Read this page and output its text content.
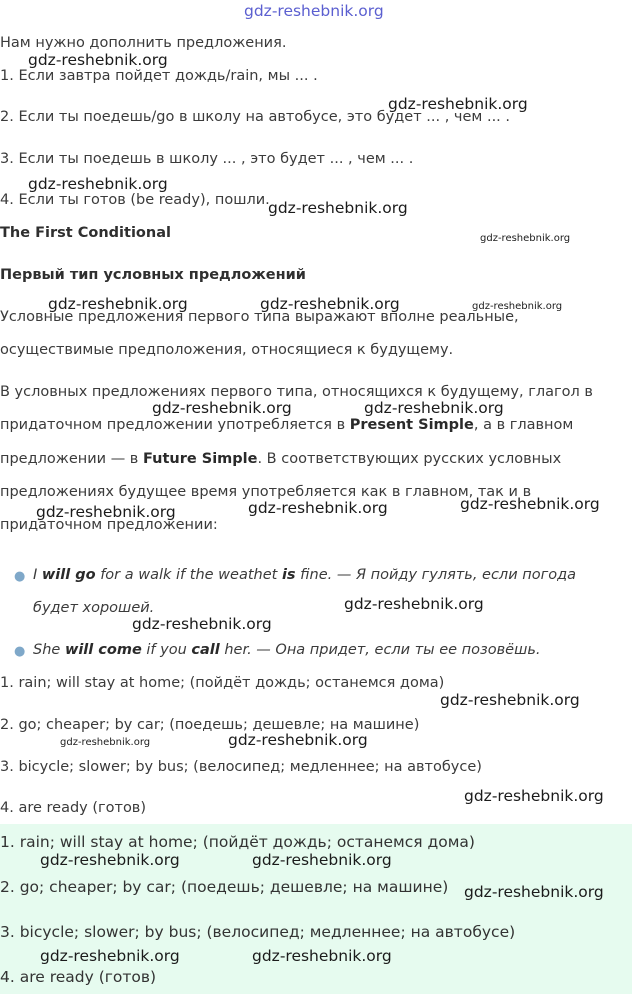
Нам нужно дополнить предложения.
1. Если завтра пойдет дождь/rain, мы ... .
2. Если ты поедешь/go в школу на автобусе, это будет ... , чем ... .
3. Если ты поедешь в школу ... , это будет ... , чем ... .
4. Если ты готов (be ready), пошли.
The First Conditional
Первый тип условных предложений
Условные предложения первого типа выражают вполне реальные,
осуществимые предположения, относящиеся к будущему.
В условных предложениях первого типа, относящихся к будущему, глагол в
придаточном предложении употребляется в Present Simple, а в главном
предложении — в Future Simple. В соответствующих русских условных
предложениях будущее время употребляется как в главном, так и в
придаточном предложении:
● I will go for a walk if the weathet is fine. — Я пойду гулять, если погода
будет хорошей.
● She will come if you call her. — Она придет, если ты ее позовёшь.
1. rain; will stay at home; (пойдёт дождь; останемся дома)
2. go; cheaper; by car; (поедешь; дешевле; на машине)
3. bicycle; slower; by bus; (велосипед; медленнее; на автобусе)
4. are ready (готов)
1. rain; will stay at home; (пойдёт дождь; останемся дома)
2. go; cheaper; by car; (поедешь; дешевле; на машине)
3. bicycle; slower; by bus; (велосипед; медленнее; на автобусе)
4. are ready (готов)
gdz-reshebnik.org
gdz-reshebnik.org
gdz-reshebnik.org
gdz-reshebnik.org
gdz-reshebnik.org
gdz-reshebnik.org
gdz-reshebnik.org	gdz-reshebnik.org	gdz-reshebnik.org
gdz-reshebnik.org	gdz-reshebnik.org
gdz-reshebnik.org	gdz-reshebnik.org	gdz-reshebnik.org
gdz-reshebnik.org
gdz-reshebnik.org
gdz-reshebnik.org
gdz-reshebnik.org	gdz-reshebnik.org
gdz-reshebnik.org
gdz-reshebnik.org	gdz-reshebnik.org
gdz-reshebnik.org
gdz-reshebnik.org	gdz-reshebnik.org
